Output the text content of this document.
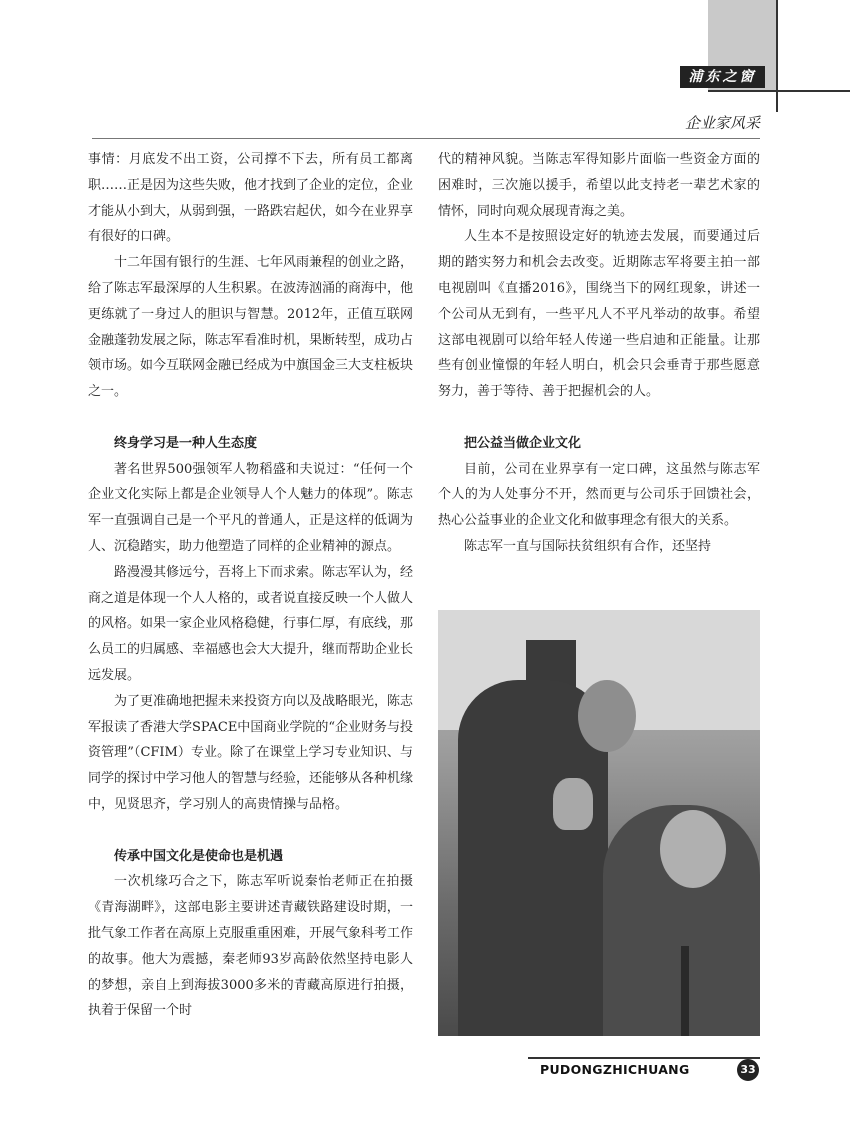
浦东之窗
企业家风采

事情：月底发不出工资，公司撑不下去，所有员工都离职……正是因为这些失败，他才找到了企业的定位，企业才能从小到大，从弱到强，一路跌宕起伏，如今在业界享有很好的口碑。

十二年国有银行的生涯、七年风雨兼程的创业之路，给了陈志军最深厚的人生积累。在波涛汹涌的商海中，他更练就了一身过人的胆识与智慧。2012年，正值互联网金融蓬勃发展之际，陈志军看准时机，果断转型，成功占领市场。如今互联网金融已经成为中旗国金三大支柱板块之一。

终身学习是一种人生态度

著名世界500强领军人物稻盛和夫说过：“任何一个企业文化实际上都是企业领导人个人魅力的体现”。陈志军一直强调自己是一个平凡的普通人，正是这样的低调为人、沉稳踏实，助力他塑造了同样的企业精神的源点。

路漫漫其修远兮，吾将上下而求索。陈志军认为，经商之道是体现一个人人格的，或者说直接反映一个人做人的风格。如果一家企业风格稳健，行事仁厚，有底线，那么员工的归属感、幸福感也会大大提升，继而帮助企业长远发展。

为了更准确地把握未来投资方向以及战略眼光，陈志军报读了香港大学SPACE中国商业学院的“企业财务与投资管理”（CFIM）专业。除了在课堂上学习专业知识、与同学的探讨中学习他人的智慧与经验，还能够从各种机缘中，见贤思齐，学习别人的高贵情操与品格。

传承中国文化是使命也是机遇

一次机缘巧合之下，陈志军听说秦怡老师正在拍摄《青海湖畔》，这部电影主要讲述青藏铁路建设时期，一批气象工作者在高原上克服重重困难，开展气象科考工作的故事。他大为震撼，秦老师93岁高龄依然坚持电影人的梦想，亲自上到海拔3000多米的青藏高原进行拍摄，执着于保留一个时

代的精神风貌。当陈志军得知影片面临一些资金方面的困难时，三次施以援手，希望以此支持老一辈艺术家的情怀，同时向观众展现青海之美。

人生本不是按照设定好的轨迹去发展，而要通过后期的踏实努力和机会去改变。近期陈志军将要主拍一部电视剧叫《直播2016》，围绕当下的网红现象，讲述一个公司从无到有，一些平凡人不平凡举动的故事。希望这部电视剧可以给年轻人传递一些启迪和正能量。让那些有创业憧憬的年轻人明白，机会只会垂青于那些愿意努力，善于等待、善于把握机会的人。

把公益当做企业文化

目前，公司在业界享有一定口碑，这虽然与陈志军个人的为人处事分不开，然而更与公司乐于回馈社会，热心公益事业的企业文化和做事理念有很大的关系。

陈志军一直与国际扶贫组织有合作，还坚持

PUDONGZHICHUANG	33
